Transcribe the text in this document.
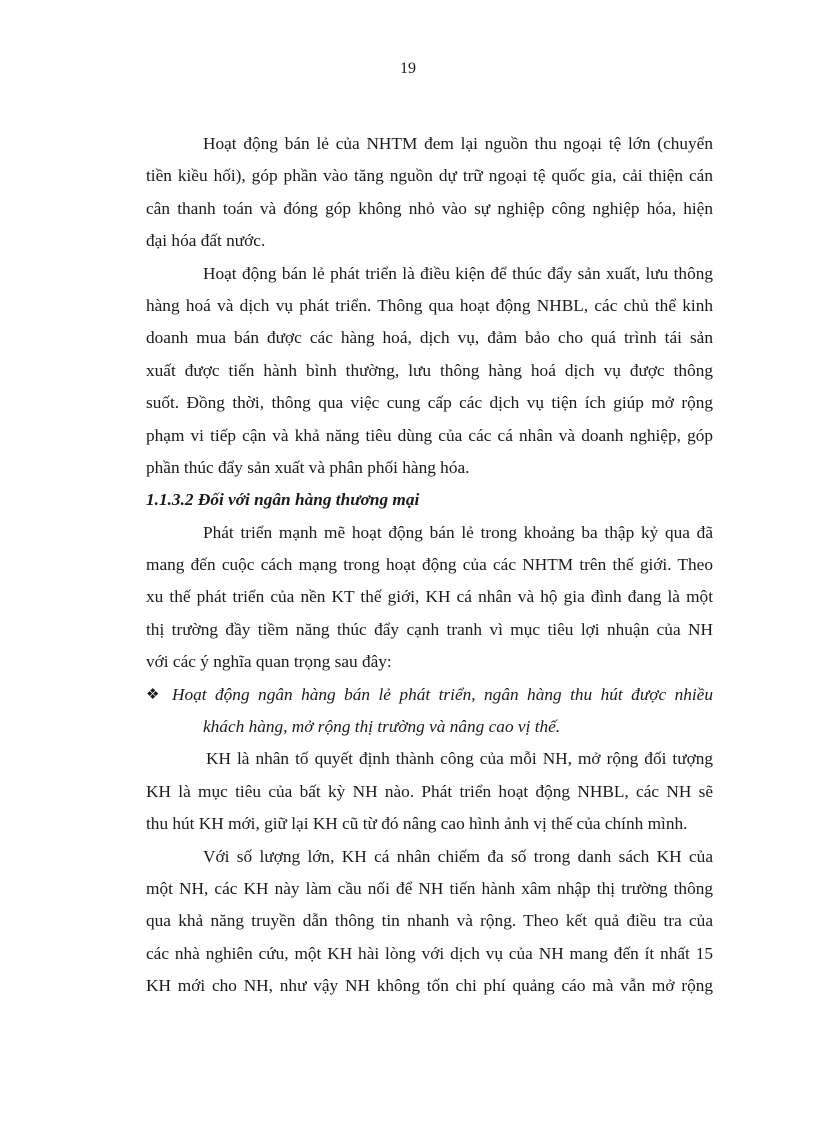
19
Hoạt động bán lẻ của NHTM đem lại nguồn thu ngoại tệ lớn (chuyển
tiền kiều hối), góp phần vào tăng nguồn dự trữ ngoại tệ quốc gia, cải thiện cán
cân thanh toán và đóng góp không nhỏ vào sự nghiệp công nghiệp hóa, hiện
đại hóa đất nước.
Hoạt động bán lẻ phát triển là điều kiện để thúc đẩy sản xuất, lưu thông
hàng hoá và dịch vụ phát triển. Thông qua hoạt động NHBL, các chủ thể kinh
doanh mua bán được các hàng hoá, dịch vụ, đảm bảo cho quá trình tái sản
xuất được tiến hành bình thường, lưu thông hàng hoá dịch vụ được thông
suốt. Đồng thời, thông qua việc cung cấp các dịch vụ tiện ích giúp mở rộng
phạm vi tiếp cận và khả năng tiêu dùng của các cá nhân và doanh nghiệp, góp
phần thúc đẩy sản xuất và phân phối hàng hóa.
1.1.3.2 Đối với ngân hàng thương mại
Phát triển mạnh mẽ hoạt động bán lẻ trong khoảng ba thập kỷ qua đã
mang đến cuộc cách mạng trong hoạt động của các NHTM trên thế giới. Theo
xu thế phát triển của nền KT thế giới, KH cá nhân và hộ gia đình đang là một
thị trường đầy tiềm năng thúc đẩy cạnh tranh vì mục tiêu lợi nhuận của NH
với các ý nghĩa quan trọng sau đây:
❖ Hoạt động ngân hàng bán lẻ phát triển, ngân hàng thu hút được nhiều
khách hàng, mở rộng thị trường và nâng cao vị thế.
KH là nhân tố quyết định thành công của mỗi NH, mở rộng đối tượng
KH là mục tiêu của bất kỳ NH nào. Phát triển hoạt động NHBL, các NH sẽ
thu hút KH mới, giữ lại KH cũ từ đó nâng cao hình ảnh vị thế của chính mình.
Với số lượng lớn, KH cá nhân chiếm đa số trong danh sách KH của
một NH, các KH này làm cầu nối để NH tiến hành xâm nhập thị trường thông
qua khả năng truyền dẫn thông tin nhanh và rộng. Theo kết quả điều tra của
các nhà nghiên cứu, một KH hài lòng với dịch vụ của NH mang đến ít nhất 15
KH mới cho NH, như vậy NH không tốn chi phí quảng cáo mà vẫn mở rộng
